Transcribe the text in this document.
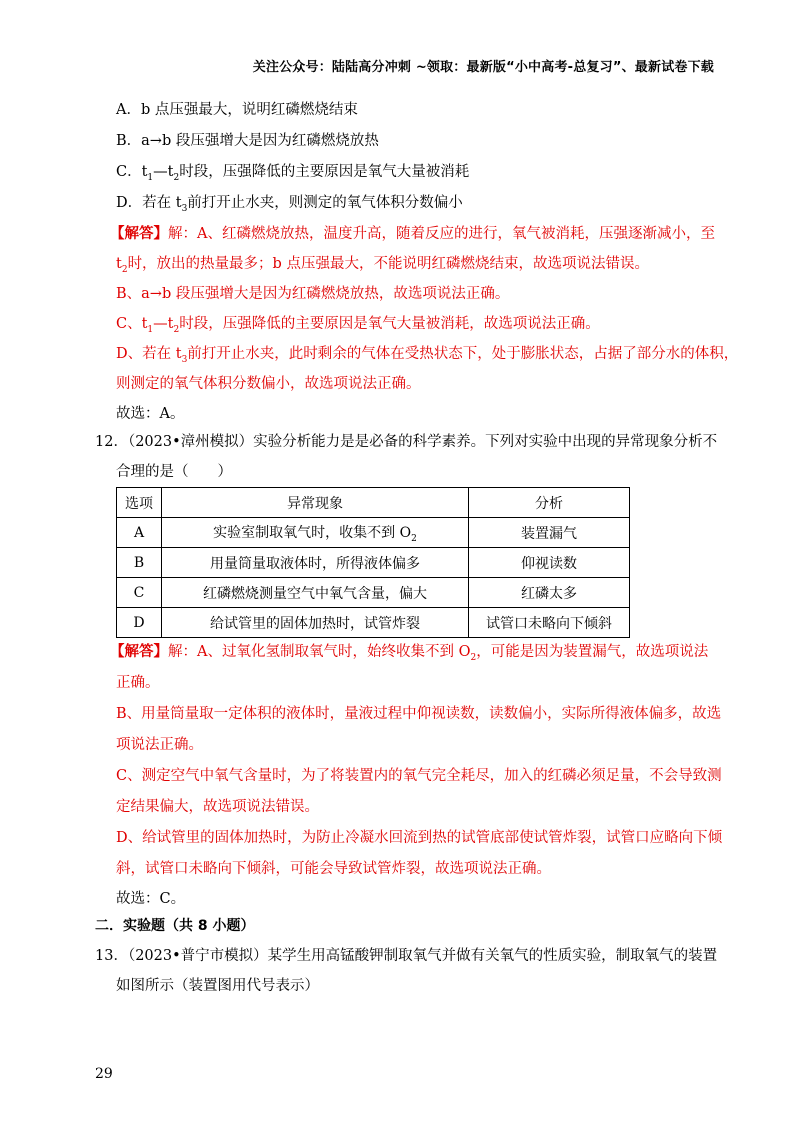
关注公众号：陆陆高分冲刺 ~领取：最新版“小中高考-总复习”、最新试卷下载
A．b 点压强最大，说明红磷燃烧结束
B．a→b 段压强增大是因为红磷燃烧放热
C．$t_1—t_2$时段，压强降低的主要原因是氧气大量被消耗
D．若在 $t_3$前打开止水夹，则测定的氧气体积分数偏小
【解答】解：A、红磷燃烧放热，温度升高，随着反应的进行，氧气被消耗，压强逐渐减小，至
$t_2$时，放出的热量最多；b 点压强最大，不能说明红磷燃烧结束，故选项说法错误。
B、a→b 段压强增大是因为红磷燃烧放热，故选项说法正确。
C、$t_1—t_2$时段，压强降低的主要原因是氧气大量被消耗，故选项说法正确。
D、若在 $t_3$前打开止水夹，此时剩余的气体在受热状态下，处于膨胀状态，占据了部分水的体积，
则测定的氧气体积分数偏小，故选项说法正确。
故选：A。
12．（2023•漳州模拟）实验分析能力是是必备的科学素养。下列对实验中出现的异常现象分析不
合理的是（　　）
选项	异常现象	分析
A	实验室制取氧气时，收集不到 $O_2$	装置漏气
B	用量筒量取液体时，所得液体偏多	仰视读数
C	红磷燃烧测量空气中氧气含量，偏大	红磷太多
D	给试管里的固体加热时，试管炸裂	试管口未略向下倾斜
【解答】解：A、过氧化氢制取氧气时，始终收集不到 $O_2$，可能是因为装置漏气，故选项说法
正确。
B、用量筒量取一定体积的液体时，量液过程中仰视读数，读数偏小，实际所得液体偏多，故选
项说法正确。
C、测定空气中氧气含量时，为了将装置内的氧气完全耗尽，加入的红磷必须足量，不会导致测
定结果偏大，故选项说法错误。
D、给试管里的固体加热时，为防止冷凝水回流到热的试管底部使试管炸裂，试管口应略向下倾
斜，试管口未略向下倾斜，可能会导致试管炸裂，故选项说法正确。
故选：C。
二．实验题（共 8 小题）
13．（2023•普宁市模拟）某学生用高锰酸钾制取氧气并做有关氧气的性质实验，制取氧气的装置
如图所示（装置图用代号表示）
29
